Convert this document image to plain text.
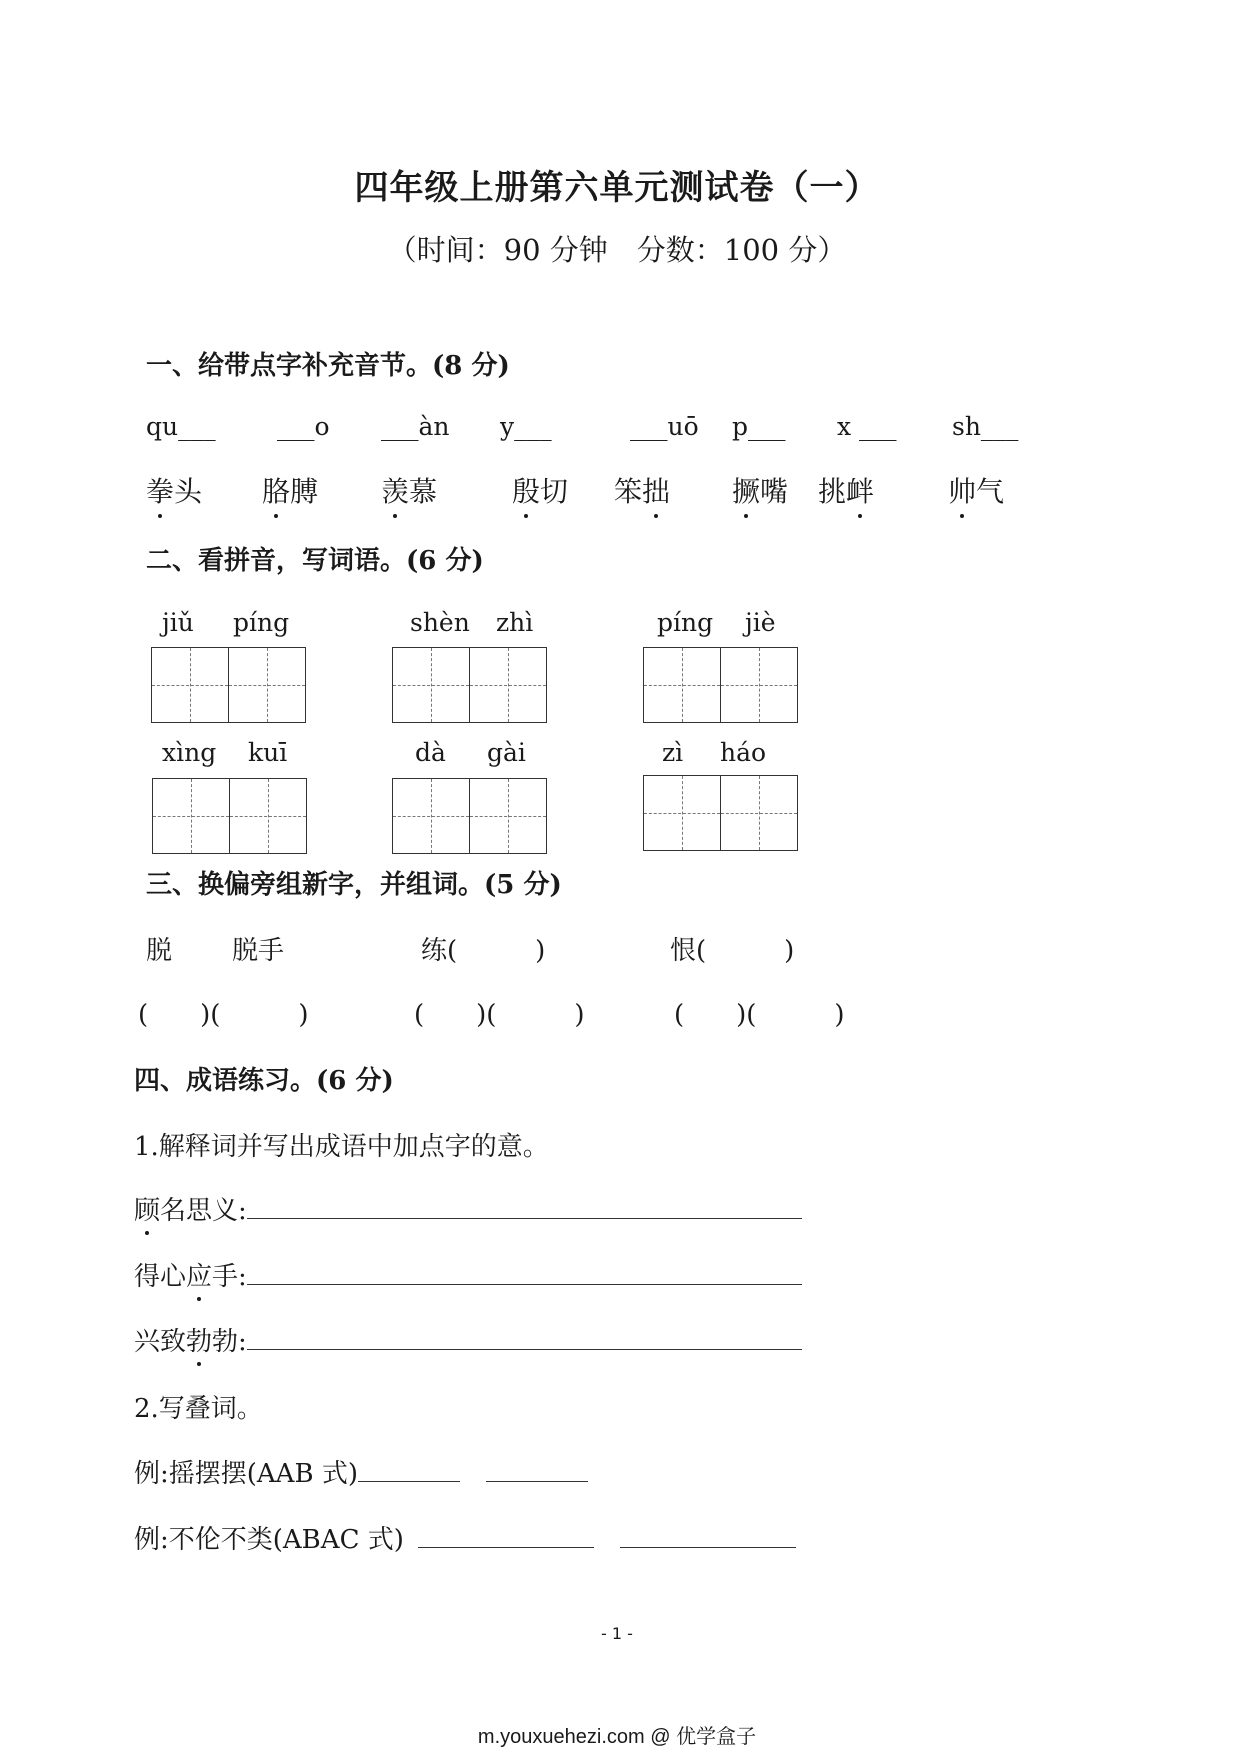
四年级上册第六单元测试卷（一）
（时间：90 分钟　分数：100 分）
一、给带点字补充音节。(8 分)
qu___ ___o ___àn y___	___uō p___ x ___ sh___
拳头 胳膊 羡慕	殷切 笨拙 撅嘴 挑衅	帅气
二、看拼音，写词语。(6 分)
jiǔ píng	shèn zhì	píng jiè
xìng kuī	dà gài	zì háo
三、换偏旁组新字，并组词。(5 分)
脱 脱手	练(　　　)	恨(　　　)
(　　)(　　　)	(　　)(　　　)	(　　)(　　　)
四、成语练习。(6 分)
1.解释词并写出成语中加点字的意。
顾名思义:
得心应手:
兴致勃勃:
2.写叠词。
例:摇摆摆(AAB 式)
例:不伦不类(ABAC 式)
- 1 -
m.youxuehezi.com @ 优学盒子
